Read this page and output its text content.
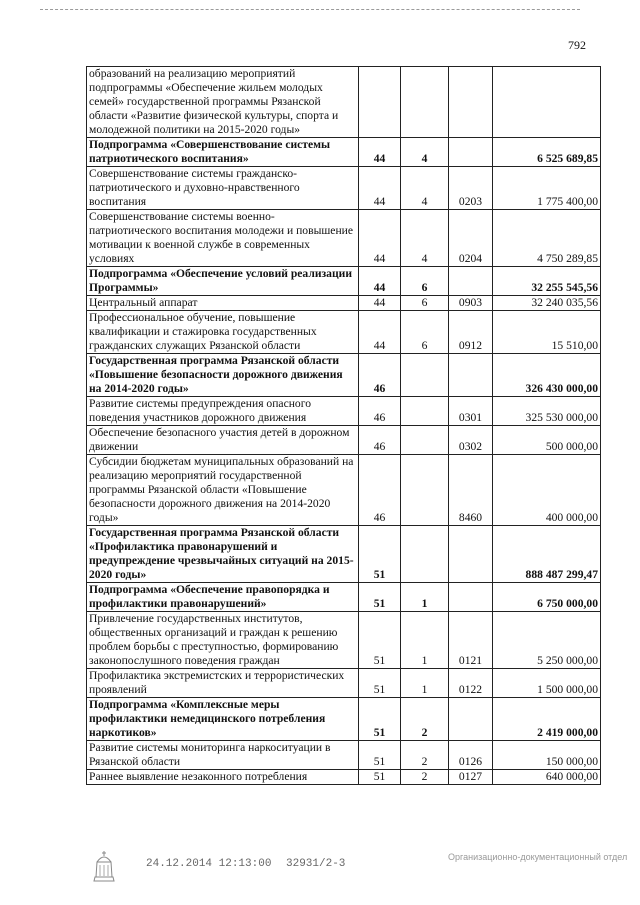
792
образований на реализацию мероприятий подпрограммы «Обеспечение жильем молодых семей» государственной программы Рязанской области «Развитие физической культуры, спорта и молодежной политики на 2015-2020 годы»				
Подпрограмма «Совершенствование системы патриотического воспитания»	44	4		6 525 689,85
Совершенствование системы гражданско-патриотического и духовно-нравственного воспитания	44	4	0203	1 775 400,00
Совершенствование системы военно-патриотического воспитания молодежи и повышение мотивации к военной службе в современных условиях	44	4	0204	4 750 289,85
Подпрограмма «Обеспечение условий реализации Программы»	44	6		32 255 545,56
Центральный аппарат	44	6	0903	32 240 035,56
Профессиональное обучение, повышение квалификации и стажировка государственных гражданских служащих Рязанской области	44	6	0912	15 510,00
Государственная программа Рязанской области «Повышение безопасности дорожного движения на 2014-2020 годы»	46			326 430 000,00
Развитие системы предупреждения опасного поведения участников дорожного движения	46		0301	325 530 000,00
Обеспечение безопасного участия детей в дорожном движении	46		0302	500 000,00
Субсидии бюджетам муниципальных образований на реализацию мероприятий государственной программы Рязанской области «Повышение безопасности дорожного движения на 2014-2020 годы»	46		8460	400 000,00
Государственная программа Рязанской области «Профилактика правонарушений и предупреждение чрезвычайных ситуаций на 2015-2020 годы»	51			888 487 299,47
Подпрограмма «Обеспечение правопорядка и профилактики правонарушений»	51	1		6 750 000,00
Привлечение государственных институтов, общественных организаций и граждан к решению проблем борьбы с преступностью, формированию законопослушного поведения граждан	51	1	0121	5 250 000,00
Профилактика экстремистских и террористических проявлений	51	1	0122	1 500 000,00
Подпрограмма «Комплексные меры профилактики немедицинского потребления наркотиков»	51	2		2 419 000,00
Развитие системы мониторинга наркоситуации в Рязанской области	51	2	0126	150 000,00
Раннее выявление незаконного потребления	51	2	0127	640 000,00
24.12.2014 12:13:00 32931/2-3
Организационно-документационный отдел
